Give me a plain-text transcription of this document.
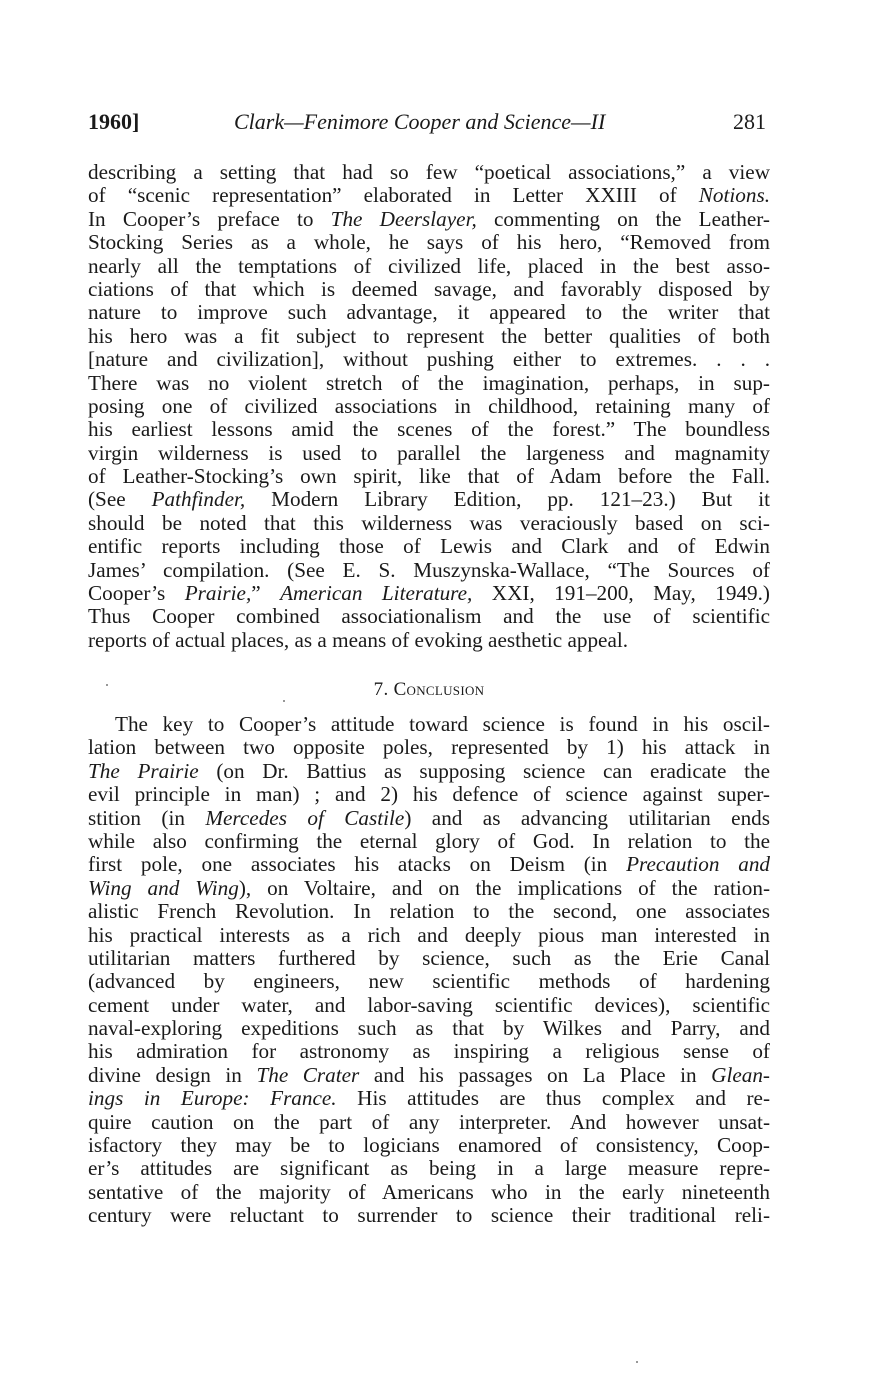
1960]	Clark—Fenimore Cooper and Science—II	281
describing a setting that had so few “poetical associations,” a view
of “scenic representation” elaborated in Letter XXIII of Notions.
In Cooper’s preface to The Deerslayer, commenting on the Leather-
Stocking Series as a whole, he says of his hero, “Removed from
nearly all the temptations of civilized life, placed in the best asso-
ciations of that which is deemed savage, and favorably disposed by
nature to improve such advantage, it appeared to the writer that
his hero was a fit subject to represent the better qualities of both
[nature and civilization], without pushing either to extremes. . . .
There was no violent stretch of the imagination, perhaps, in sup-
posing one of civilized associations in childhood, retaining many of
his earliest lessons amid the scenes of the forest.” The boundless
virgin wilderness is used to parallel the largeness and magnamity
of Leather-Stocking’s own spirit, like that of Adam before the Fall.
(See Pathfinder, Modern Library Edition, pp. 121–23.) But it
should be noted that this wilderness was veraciously based on sci-
entific reports including those of Lewis and Clark and of Edwin
James’ compilation. (See E. S. Muszynska-Wallace, “The Sources of
Cooper’s Prairie,” American Literature, XXI, 191–200, May, 1949.)
Thus Cooper combined associationalism and the use of scientific
reports of actual places, as a means of evoking aesthetic appeal.
7. Conclusion
The key to Cooper’s attitude toward science is found in his oscil-
lation between two opposite poles, represented by 1) his attack in
The Prairie (on Dr. Battius as supposing science can eradicate the
evil principle in man) ; and 2) his defence of science against super-
stition (in Mercedes of Castile) and as advancing utilitarian ends
while also confirming the eternal glory of God. In relation to the
first pole, one associates his atacks on Deism (in Precaution and
Wing and Wing), on Voltaire, and on the implications of the ration-
alistic French Revolution. In relation to the second, one associates
his practical interests as a rich and deeply pious man interested in
utilitarian matters furthered by science, such as the Erie Canal
(advanced by engineers, new scientific methods of hardening
cement under water, and labor-saving scientific devices), scientific
naval-exploring expeditions such as that by Wilkes and Parry, and
his admiration for astronomy as inspiring a religious sense of
divine design in The Crater and his passages on La Place in Glean-
ings in Europe: France. His attitudes are thus complex and re-
quire caution on the part of any interpreter. And however unsat-
isfactory they may be to logicians enamored of consistency, Coop-
er’s attitudes are significant as being in a large measure repre-
sentative of the majority of Americans who in the early nineteenth
century were reluctant to surrender to science their traditional reli-
